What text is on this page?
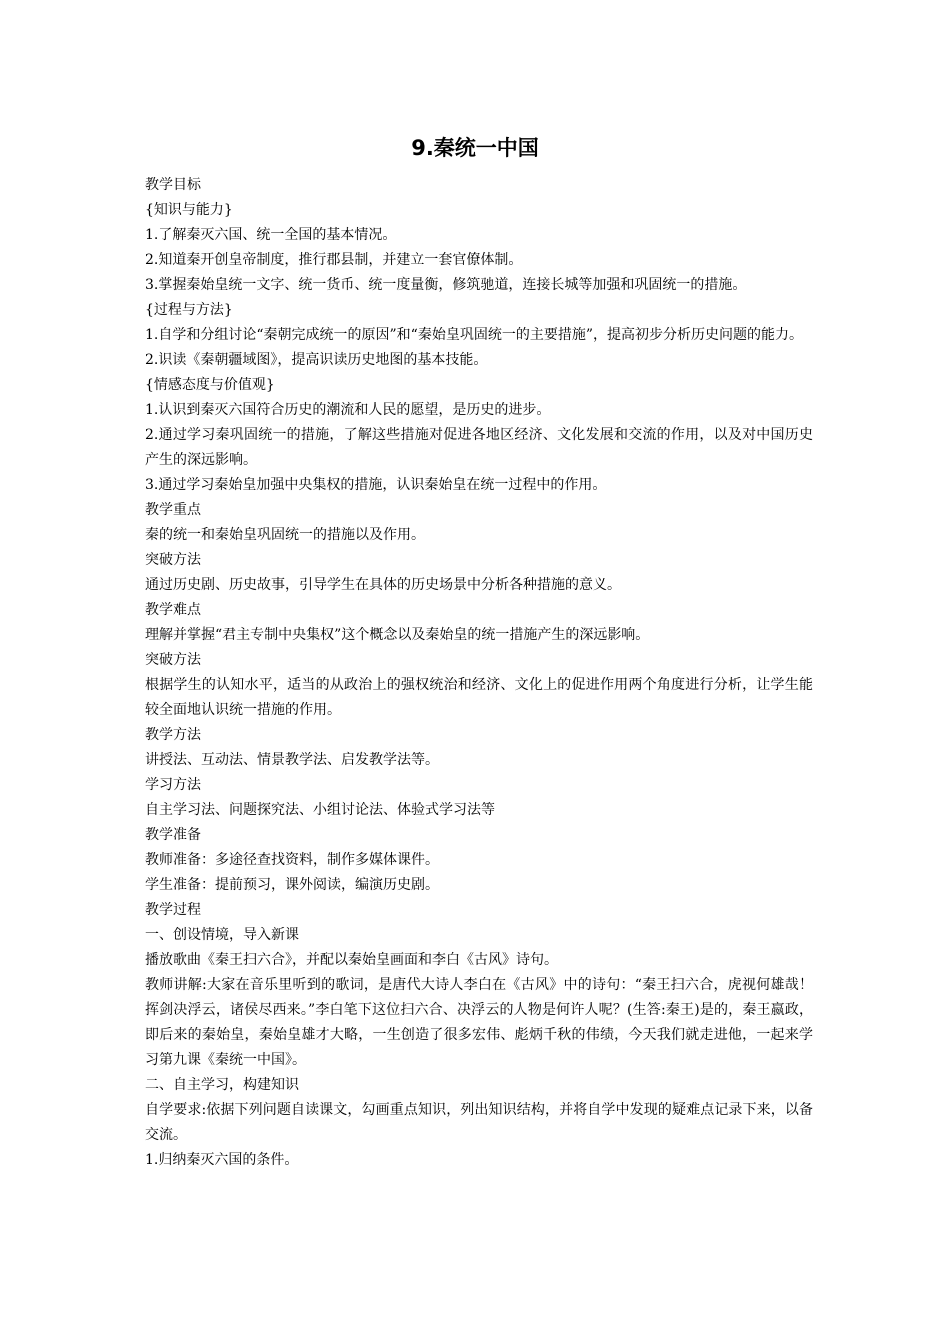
9.秦统一中国

教学目标

{知识与能力}

1.了解秦灭六国、统一全国的基本情况。

2.知道秦开创皇帝制度，推行郡县制，并建立一套官僚体制。

3.掌握秦始皇统一文字、统一货币、统一度量衡，修筑驰道，连接长城等加强和巩固统一的措施。

{过程与方法}

1.自学和分组讨论“秦朝完成统一的原因”和“秦始皇巩固统一的主要措施”，提高初步分析历史问题的能力。

2.识读《秦朝疆域图》，提高识读历史地图的基本技能。

{情感态度与价值观}

1.认识到秦灭六国符合历史的潮流和人民的愿望，是历史的进步。

2.通过学习秦巩固统一的措施，了解这些措施对促进各地区经济、文化发展和交流的作用，以及对中国历史产生的深远影响。

3.通过学习秦始皇加强中央集权的措施，认识秦始皇在统一过程中的作用。

教学重点

秦的统一和秦始皇巩固统一的措施以及作用。

突破方法

通过历史剧、历史故事，引导学生在具体的历史场景中分析各种措施的意义。

教学难点

理解并掌握“君主专制中央集权”这个概念以及秦始皇的统一措施产生的深远影响。

突破方法

根据学生的认知水平，适当的从政治上的强权统治和经济、文化上的促进作用两个角度进行分析，让学生能较全面地认识统一措施的作用。

教学方法

讲授法、互动法、情景教学法、启发教学法等。

学习方法

自主学习法、问题探究法、小组讨论法、体验式学习法等

教学准备

教师准备：多途径查找资料，制作多媒体课件。

学生准备：提前预习，课外阅读，编演历史剧。

教学过程

一、创设情境，导入新课

播放歌曲《秦王扫六合》，并配以秦始皇画面和李白《古风》诗句。

教师讲解:大家在音乐里听到的歌词，是唐代大诗人李白在《古风》中的诗句：“秦王扫六合，虎视何雄哉！挥剑决浮云，诸侯尽西来。”李白笔下这位扫六合、决浮云的人物是何许人呢？(生答:秦王)是的，秦王嬴政，即后来的秦始皇，秦始皇雄才大略，一生创造了很多宏伟、彪炳千秋的伟绩，今天我们就走进他，一起来学习第九课《秦统一中国》。

二、自主学习，构建知识

自学要求:依据下列问题自读课文，勾画重点知识，列出知识结构，并将自学中发现的疑难点记录下来，以备交流。

1.归纳秦灭六国的条件。
